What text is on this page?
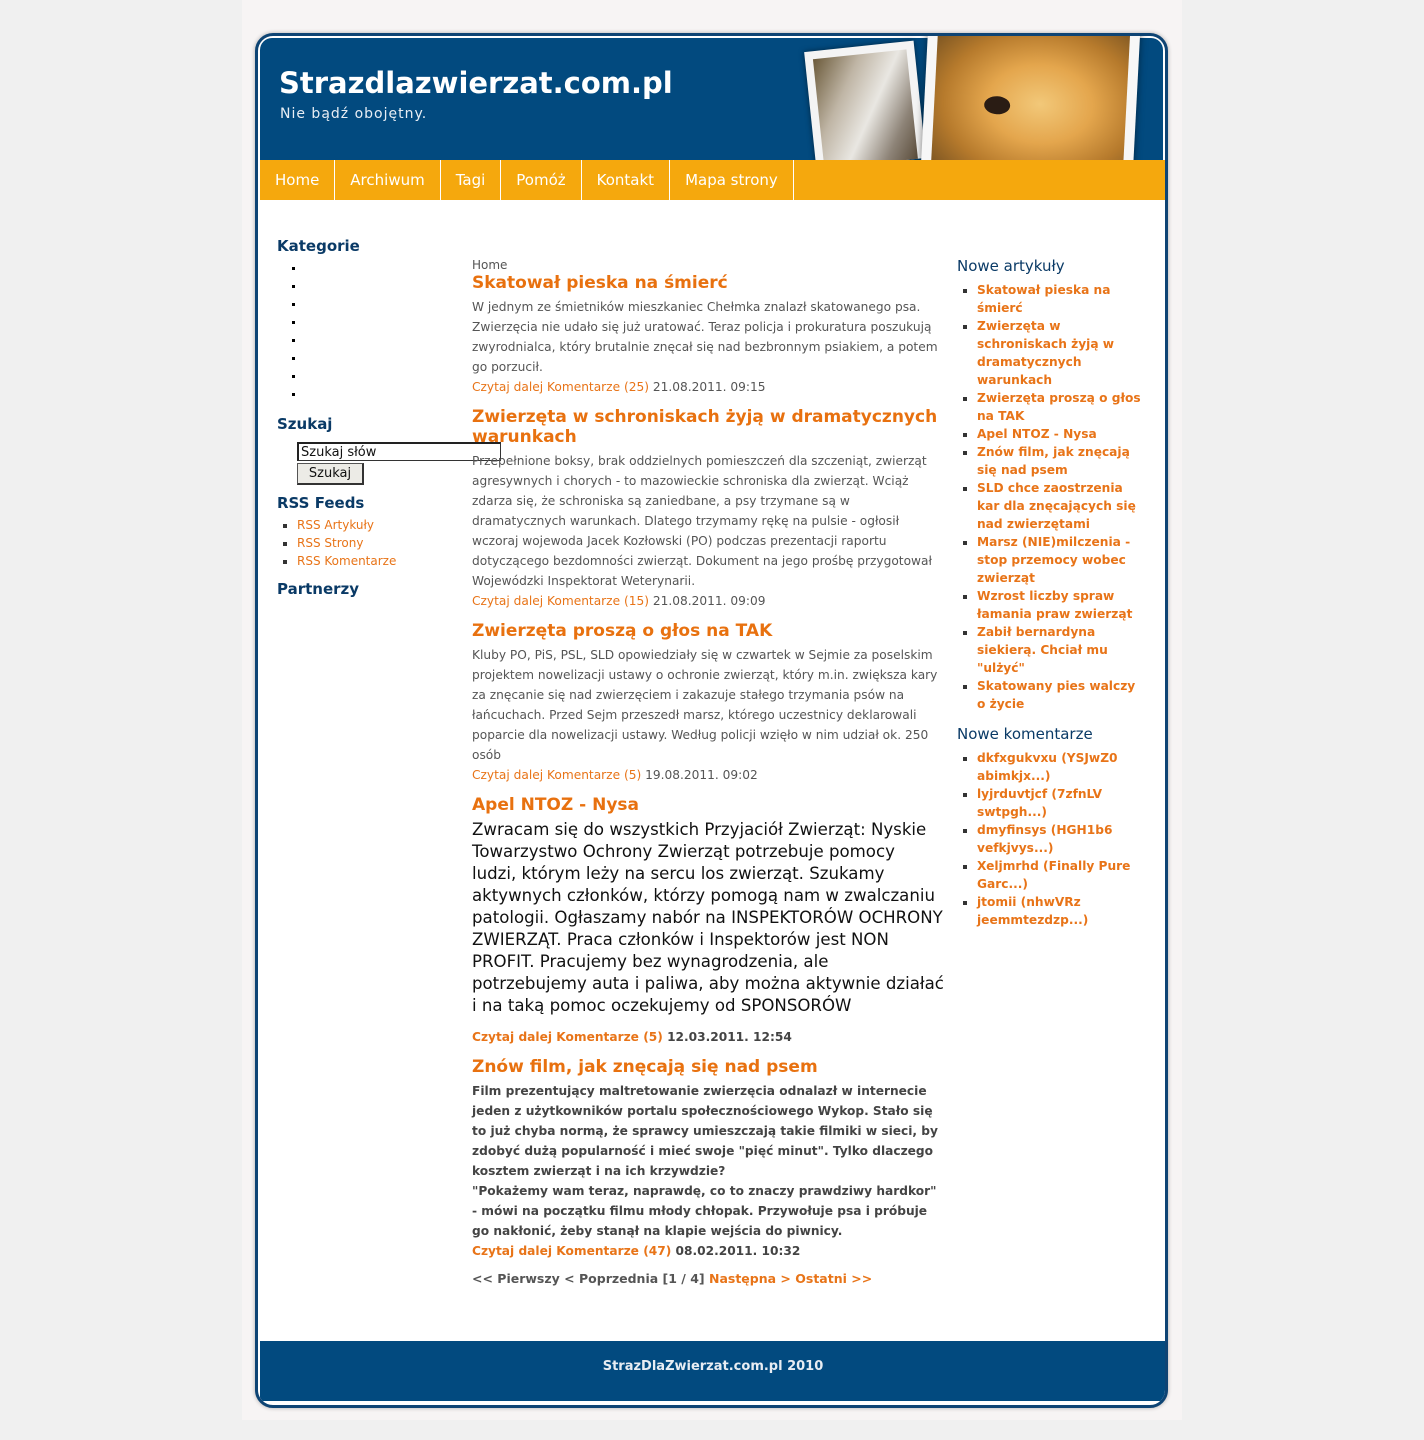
Strazdlazwierzat.com.pl
Nie bądź obojętny.
Home	Archiwum	Tagi	Pomóż	Kontakt	Mapa strony
Kategorie
▪
▪
▪
▪
▪
▪
▪
▪
Szukaj
Szukaj słów
Szukaj
RSS Feeds
▪ RSS Artykuły
▪ RSS Strony
▪ RSS Komentarze
Partnerzy

Home

Skatował pieska na śmierć

W jednym ze śmietników mieszkaniec Chełmka znalazł skatowanego psa. Zwierzęcia nie udało się już uratować. Teraz policja i prokuratura poszukują zwyrodnialca, który brutalnie znęcał się nad bezbronnym psiakiem, a potem go porzucił.

Czytaj dalej Komentarze (25) 21.08.2011. 09:15

Zwierzęta w schroniskach żyją w dramatycznych warunkach

Przepełnione boksy, brak oddzielnych pomieszczeń dla szczeniąt, zwierząt agresywnych i chorych - to mazowieckie schroniska dla zwierząt. Wciąż zdarza się, że schroniska są zaniedbane, a psy trzymane są w dramatycznych warunkach. Dlatego trzymamy rękę na pulsie - ogłosił wczoraj wojewoda Jacek Kozłowski (PO) podczas prezentacji raportu dotyczącego bezdomności zwierząt. Dokument na jego prośbę przygotował Wojewódzki Inspektorat Weterynarii.

Czytaj dalej Komentarze (15) 21.08.2011. 09:09

Zwierzęta proszą o głos na TAK

Kluby PO, PiS, PSL, SLD opowiedziały się w czwartek w Sejmie za poselskim projektem nowelizacji ustawy o ochronie zwierząt, który m.in. zwiększa kary za znęcanie się nad zwierzęciem i zakazuje stałego trzymania psów na łańcuchach. Przed Sejm przeszedł marsz, którego uczestnicy deklarowali poparcie dla nowelizacji ustawy. Według policji wzięło w nim udział ok. 250 osób

Czytaj dalej Komentarze (5) 19.08.2011. 09:02

Apel NTOZ - Nysa

Zwracam się do wszystkich Przyjaciół Zwierząt: Nyskie Towarzystwo Ochrony Zwierząt potrzebuje pomocy ludzi, którym leży na sercu los zwierząt. Szukamy aktywnych członków, którzy pomogą nam w zwalczaniu patologii. Ogłaszamy nabór na INSPEKTORÓW OCHRONY ZWIERZĄT. Praca członków i Inspektorów jest NON PROFIT. Pracujemy bez wynagrodzenia, ale potrzebujemy auta i paliwa, aby można aktywnie działać i na taką pomoc oczekujemy od SPONSORÓW

Czytaj dalej Komentarze (5) 12.03.2011. 12:54

Znów film, jak znęcają się nad psem

Film prezentujący maltretowanie zwierzęcia odnalazł w internecie jeden z użytkowników portalu społecznościowego Wykop. Stało się to już chyba normą, że sprawcy umieszczają takie filmiki w sieci, by zdobyć dużą popularność i mieć swoje "pięć minut". Tylko dlaczego kosztem zwierząt i na ich krzywdzie?

"Pokażemy wam teraz, naprawdę, co to znaczy prawdziwy hardkor" - mówi na początku filmu młody chłopak. Przywołuje psa i próbuje go nakłonić, żeby stanął na klapie wejścia do piwnicy.

Czytaj dalej Komentarze (47) 08.02.2011. 10:32

<< Pierwszy < Poprzednia [1 / 4] Następna > Ostatni >>
Nowe artykuły
▪ Skatował pieska na śmierć
▪ Zwierzęta w schroniskach żyją w dramatycznych warunkach
▪ Zwierzęta proszą o głos na TAK
▪ Apel NTOZ - Nysa
▪ Znów film, jak znęcają się nad psem
▪ SLD chce zaostrzenia kar dla znęcających się nad zwierzętami
▪ Marsz (NIE)milczenia - stop przemocy wobec zwierząt
▪ Wzrost liczby spraw łamania praw zwierząt
▪ Zabił bernardyna siekierą. Chciał mu "ulżyć"
▪ Skatowany pies walczy o życie
Nowe komentarze
▪ dkfxgukvxu (YSJwZ0 abimkjx...)
▪ lyjrduvtjcf (7zfnLV swtpgh...)
▪ dmyfinsys (HGH1b6 vefkjvys...)
▪ Xeljmrhd (Finally Pure Garc...)
▪ jtomii (nhwVRz jeemmtezdzp...)
StrazDlaZwierzat.com.pl 2010
